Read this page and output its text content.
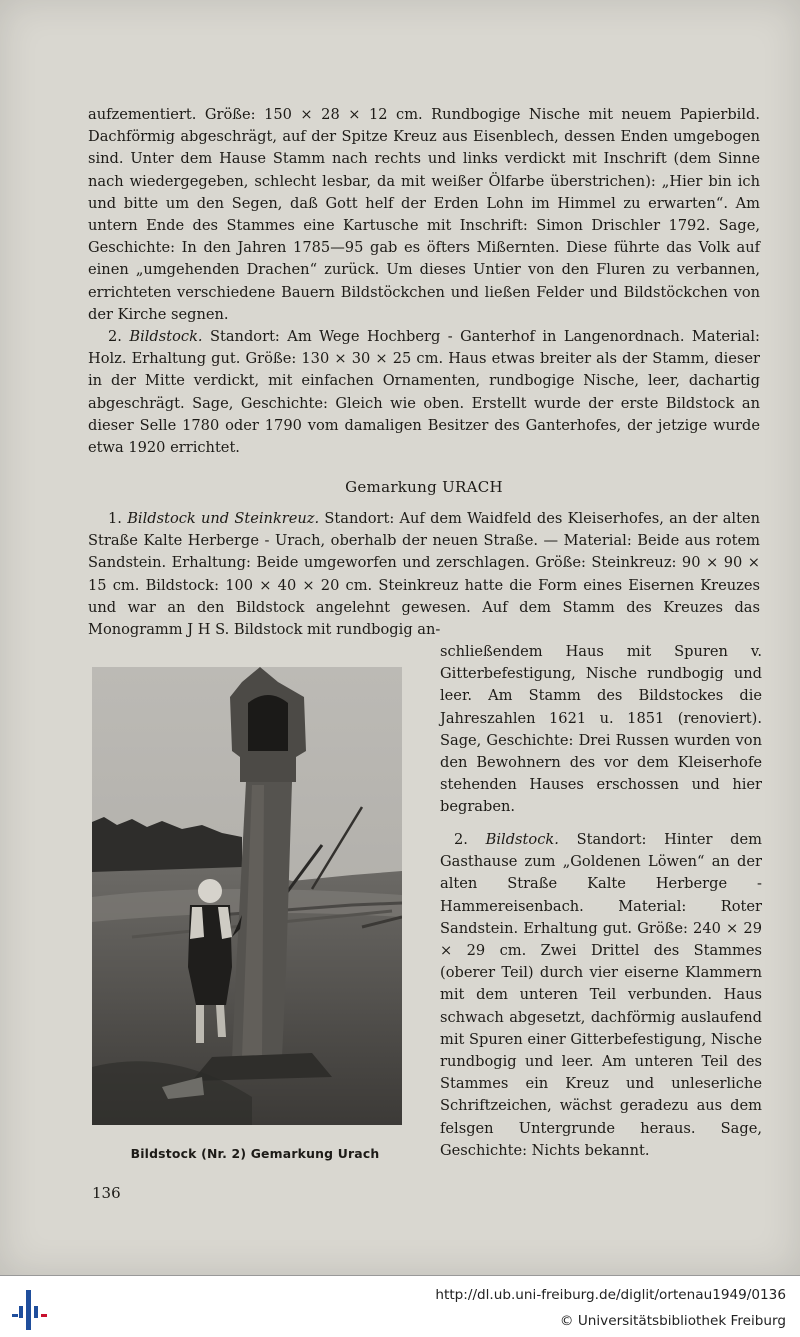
aufzementiert. Größe: 150 ⨯ 28 ⨯ 12 cm. Rundbogige Nische mit neuem Papierbild. Dachförmig abgeschrägt, auf der Spitze Kreuz aus Eisenblech, dessen Enden umgebogen sind. Unter dem Hause Stamm nach rechts und links verdickt mit Inschrift (dem Sinne nach wiedergegeben, schlecht lesbar, da mit weißer Ölfarbe überstrichen): „Hier bin ich und bitte um den Segen, daß Gott helf der Erden Lohn im Himmel zu erwarten“. Am untern Ende des Stammes eine Kartusche mit Inschrift: Simon Drischler 1792. Sage, Geschichte: In den Jahren 1785—95 gab es öfters Mißernten. Diese führte das Volk auf einen „umgehenden Drachen“ zurück. Um dieses Untier von den Fluren zu verbannen, errichteten verschiedene Bauern Bildstöckchen und ließen Felder und Bildstöckchen von der Kirche segnen.

2. Bildstock. Standort: Am Wege Hochberg - Ganterhof in Langenordnach. Material: Holz. Erhaltung gut. Größe: 130 ⨯ 30 ⨯ 25 cm. Haus etwas breiter als der Stamm, dieser in der Mitte verdickt, mit einfachen Ornamenten, rundbogige Nische, leer, dachartig abgeschrägt. Sage, Geschichte: Gleich wie oben. Erstellt wurde der erste Bildstock an dieser Selle 1780 oder 1790 vom damaligen Besitzer des Ganterhofes, der jetzige wurde etwa 1920 errichtet.

Gemarkung URACH

1. Bildstock und Steinkreuz. Standort: Auf dem Waidfeld des Kleiserhofes, an der alten Straße Kalte Herberge - Urach, oberhalb der neuen Straße. — Material: Beide aus rotem Sandstein. Erhaltung: Beide umgeworfen und zerschlagen. Größe: Steinkreuz: 90 ⨯ 90 ⨯ 15 cm. Bildstock: 100 ⨯ 40 ⨯ 20 cm. Steinkreuz hatte die Form eines Eisernen Kreuzes und war an den Bildstock angelehnt gewesen. Auf dem Stamm des Kreuzes das Monogramm J H S. Bildstock mit rundbogig an-

schließendem Haus mit Spuren v. Gitterbefestigung, Nische rundbogig und leer. Am Stamm des Bildstockes die Jahreszahlen 1621 u. 1851 (renoviert). Sage, Geschichte: Drei Russen wurden von den Bewohnern des vor dem Kleiserhofe stehenden Hauses erschossen und hier begraben.

2. Bildstock. Standort: Hinter dem Gasthause zum „Goldenen Löwen“ an der alten Straße Kalte Herberge - Hammereisenbach. Material: Roter Sandstein. Erhaltung gut. Größe: 240 ⨯ 29 ⨯ 29 cm. Zwei Drittel des Stammes (oberer Teil) durch vier eiserne Klammern mit dem unteren Teil verbunden. Haus schwach abgesetzt, dachförmig auslaufend mit Spuren einer Gitterbefestigung, Nische rundbogig und leer. Am unteren Teil des Stammes ein Kreuz und unleserliche Schriftzeichen, wächst geradezu aus dem felsgen Untergrunde heraus. Sage, Geschichte: Nichts bekannt.

Bildstock (Nr. 2) Gemarkung Urach
136
http://dl.ub.uni-freiburg.de/diglit/ortenau1949/0136
© Universitätsbibliothek Freiburg
